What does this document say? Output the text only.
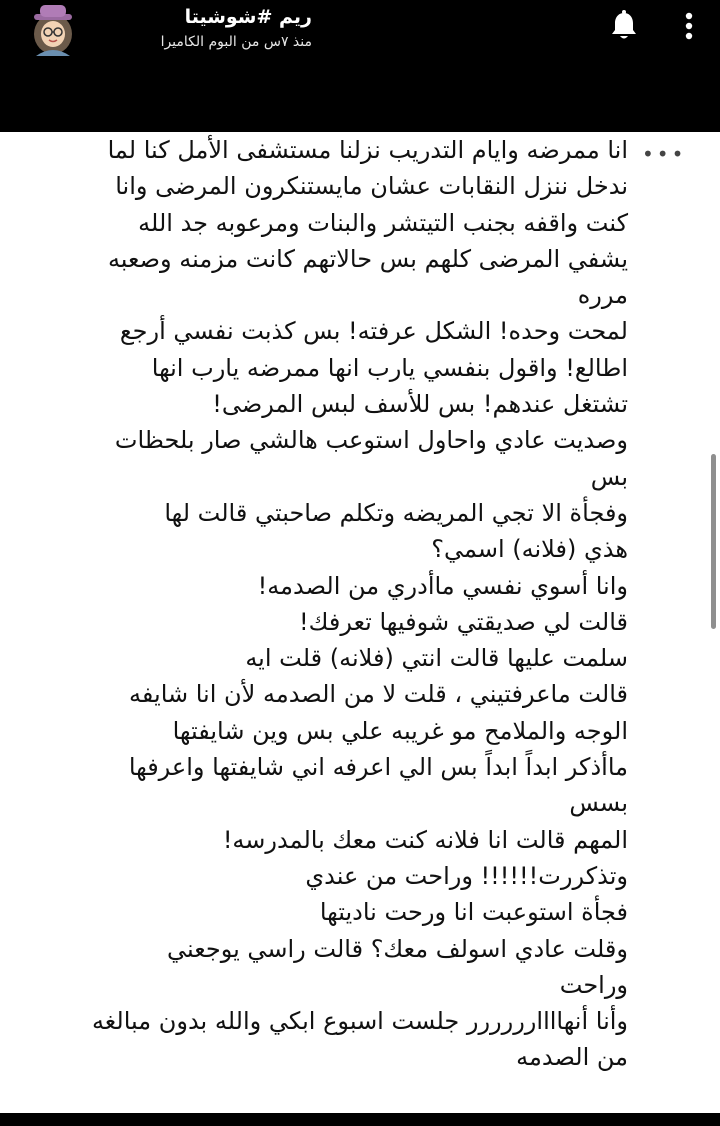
ريم #شوشيتا
منذ ٧س من البوم الكاميرا
•••
انا ممرضه وايام التدريب نزلنا مستشفى الأمل كنا لما
ندخل ننزل النقابات عشان مايستنكرون المرضى وانا
كنت واقفه بجنب التيتشر والبنات ومرعوبه جد الله
يشفي المرضى كلهم بس حالاتهم كانت مزمنه وصعبه
مرره
لمحت وحده! الشكل عرفته! بس كذبت نفسي أرجع
اطالع! واقول بنفسي يارب انها ممرضه يارب انها
تشتغل عندهم! بس للأسف لبس المرضى!
وصديت عادي واحاول استوعب هالشي صار بلحظات
بس
وفجأة الا تجي المريضه وتكلم صاحبتي قالت لها
هذي (فلانه) اسمي؟
وانا أسوي نفسي ماأدري من الصدمه!
قالت لي صديقتي شوفيها تعرفك!
سلمت عليها قالت انتي (فلانه) قلت ايه
قالت ماعرفتيني ، قلت لا من الصدمه لأن انا شايفه
الوجه والملامح مو غريبه علي بس وين شايفتها
ماأذكر ابداً ابداً بس الي اعرفه اني شايفتها واعرفها
بسس
المهم قالت انا فلانه كنت معك بالمدرسه!
وتذكررت!!!!!! وراحت من عندي
فجأة استوعبت انا ورحت ناديتها
وقلت عادي اسولف معك؟ قالت راسي يوجعني
وراحت
وأنا أنهاااارررررر جلست اسبوع ابكي والله بدون مبالغه
من الصدمه
